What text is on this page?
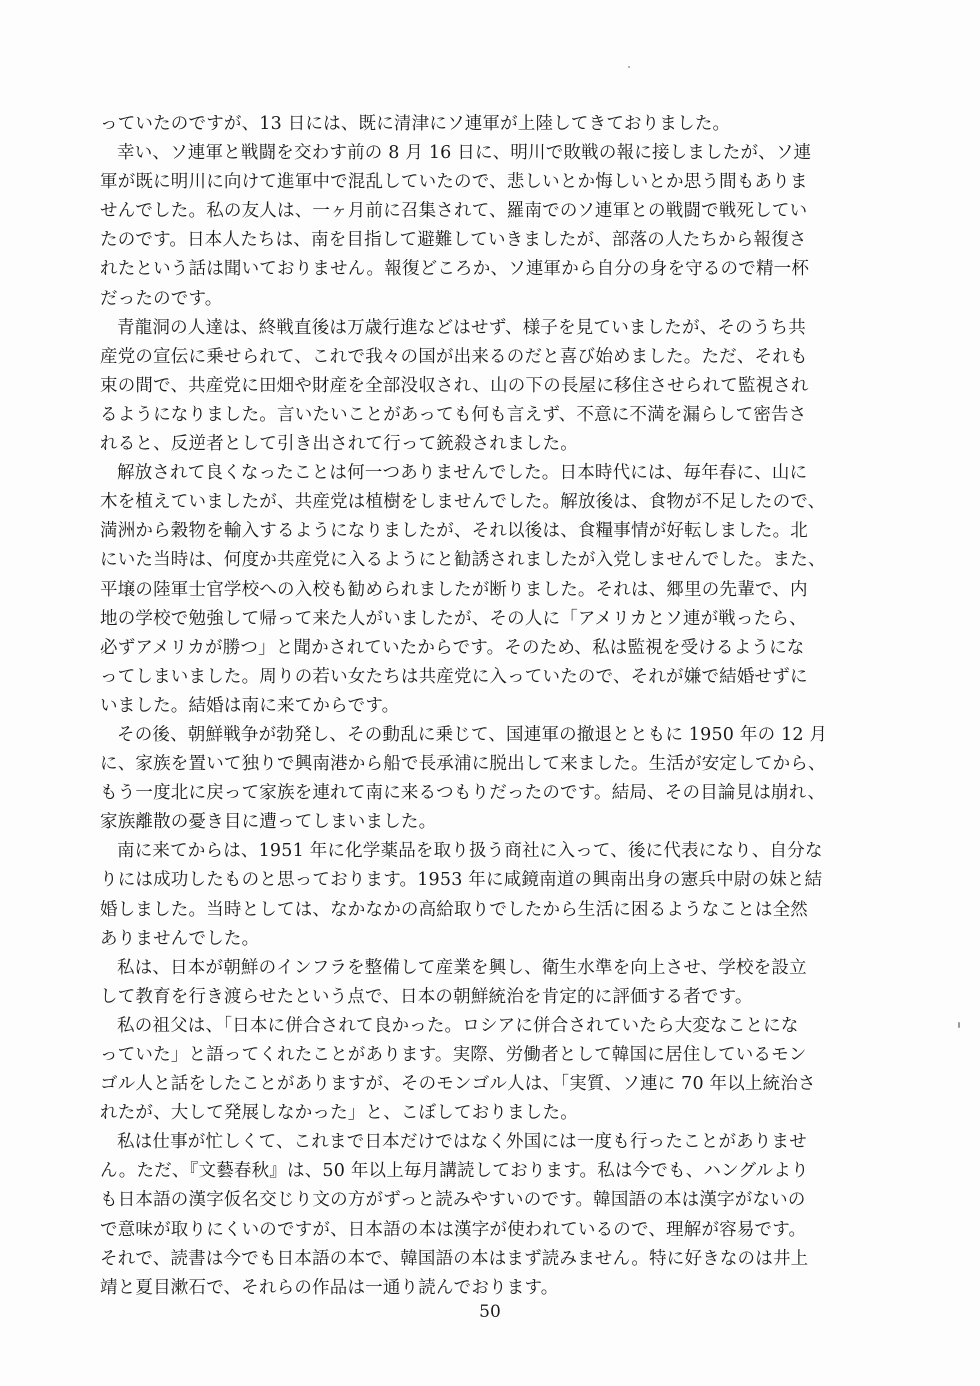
っていたのですが、13 日には、既に清津にソ連軍が上陸してきておりました。
幸い、ソ連軍と戦闘を交わす前の 8 月 16 日に、明川で敗戦の報に接しましたが、ソ連
軍が既に明川に向けて進軍中で混乱していたので、悲しいとか悔しいとか思う間もありま
せんでした。私の友人は、一ヶ月前に召集されて、羅南でのソ連軍との戦闘で戦死してい
たのです。日本人たちは、南を目指して避難していきましたが、部落の人たちから報復さ
れたという話は聞いておりません。報復どころか、ソ連軍から自分の身を守るので精一杯
だったのです。
青龍洞の人達は、終戦直後は万歳行進などはせず、様子を見ていましたが、そのうち共
産党の宣伝に乗せられて、これで我々の国が出来るのだと喜び始めました。ただ、それも
束の間で、共産党に田畑や財産を全部没収され、山の下の長屋に移住させられて監視され
るようになりました。言いたいことがあっても何も言えず、不意に不満を漏らして密告さ
れると、反逆者として引き出されて行って銃殺されました。
解放されて良くなったことは何一つありませんでした。日本時代には、毎年春に、山に
木を植えていましたが、共産党は植樹をしませんでした。解放後は、食物が不足したので、
満洲から穀物を輸入するようになりましたが、それ以後は、食糧事情が好転しました。北
にいた当時は、何度か共産党に入るようにと勧誘されましたが入党しませんでした。また、
平壌の陸軍士官学校への入校も勧められましたが断りました。それは、郷里の先輩で、内
地の学校で勉強して帰って来た人がいましたが、その人に「アメリカとソ連が戦ったら、
必ずアメリカが勝つ」と聞かされていたからです。そのため、私は監視を受けるようにな
ってしまいました。周りの若い女たちは共産党に入っていたので、それが嫌で結婚せずに
いました。結婚は南に来てからです。
その後、朝鮮戦争が勃発し、その動乱に乗じて、国連軍の撤退とともに 1950 年の 12 月
に、家族を置いて独りで興南港から船で長承浦に脱出して来ました。生活が安定してから、
もう一度北に戻って家族を連れて南に来るつもりだったのです。結局、その目論見は崩れ、
家族離散の憂き目に遭ってしまいました。
南に来てからは、1951 年に化学薬品を取り扱う商社に入って、後に代表になり、自分な
りには成功したものと思っております。1953 年に咸鏡南道の興南出身の憲兵中尉の妹と結
婚しました。当時としては、なかなかの高給取りでしたから生活に困るようなことは全然
ありませんでした。
私は、日本が朝鮮のインフラを整備して産業を興し、衛生水準を向上させ、学校を設立
して教育を行き渡らせたという点で、日本の朝鮮統治を肯定的に評価する者です。
私の祖父は、「日本に併合されて良かった。ロシアに併合されていたら大変なことにな
っていた」と語ってくれたことがあります。実際、労働者として韓国に居住しているモン
ゴル人と話をしたことがありますが、そのモンゴル人は、「実質、ソ連に 70 年以上統治さ
れたが、大して発展しなかった」と、こぼしておりました。
私は仕事が忙しくて、これまで日本だけではなく外国には一度も行ったことがありませ
ん。ただ、『文藝春秋』は、50 年以上毎月講読しております。私は今でも、ハングルより
も日本語の漢字仮名交じり文の方がずっと読みやすいのです。韓国語の本は漢字がないの
で意味が取りにくいのですが、日本語の本は漢字が使われているので、理解が容易です。
それで、読書は今でも日本語の本で、韓国語の本はまず読みません。特に好きなのは井上
靖と夏目漱石で、それらの作品は一通り読んでおります。
50
